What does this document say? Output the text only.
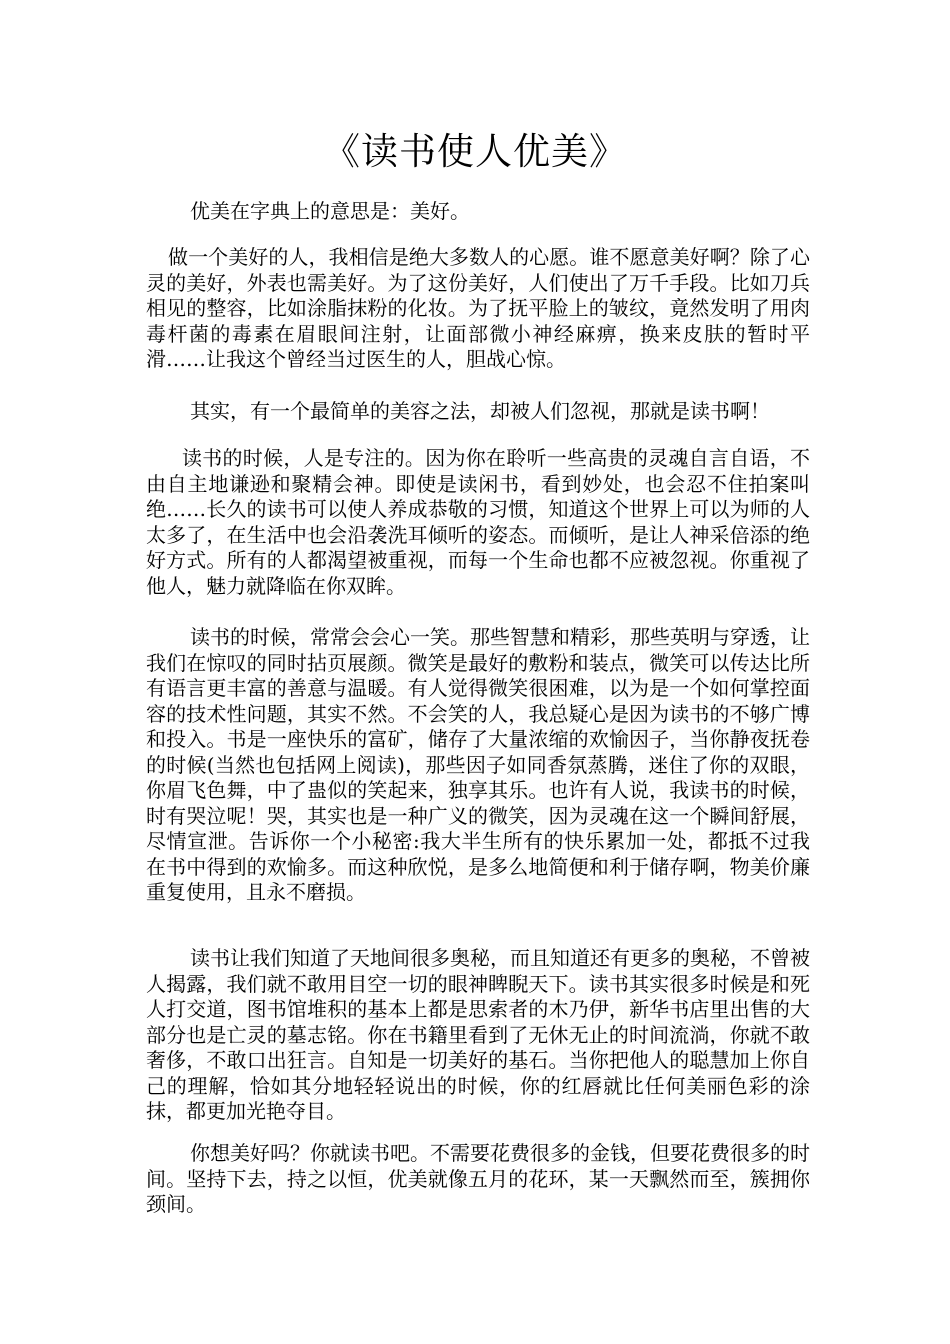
《读书使人优美》

优美在字典上的意思是：美好。

做一个美好的人，我相信是绝大多数人的心愿。谁不愿意美好啊？除了心灵的美好，外表也需美好。为了这份美好，人们使出了万千手段。比如刀兵相见的整容，比如涂脂抹粉的化妆。为了抚平脸上的皱纹，竟然发明了用肉毒杆菌的毒素在眉眼间注射，让面部微小神经麻痹，换来皮肤的暂时平滑……让我这个曾经当过医生的人，胆战心惊。

其实，有一个最简单的美容之法，却被人们忽视，那就是读书啊！

读书的时候，人是专注的。因为你在聆听一些高贵的灵魂自言自语，不由自主地谦逊和聚精会神。即使是读闲书，看到妙处，也会忍不住拍案叫绝……长久的读书可以使人养成恭敬的习惯，知道这个世界上可以为师的人太多了，在生活中也会沿袭洗耳倾听的姿态。而倾听，是让人神采倍添的绝好方式。所有的人都渴望被重视，而每一个生命也都不应被忽视。你重视了他人，魅力就降临在你双眸。

读书的时候，常常会会心一笑。那些智慧和精彩，那些英明与穿透，让我们在惊叹的同时拈页展颜。微笑是最好的敷粉和装点，微笑可以传达比所有语言更丰富的善意与温暖。有人觉得微笑很困难，以为是一个如何掌控面容的技术性问题，其实不然。不会笑的人，我总疑心是因为读书的不够广博和投入。书是一座快乐的富矿，储存了大量浓缩的欢愉因子，当你静夜抚卷的时候(当然也包括网上阅读)，那些因子如同香氛蒸腾，迷住了你的双眼，你眉飞色舞，中了蛊似的笑起来，独享其乐。也许有人说，我读书的时候，时有哭泣呢！哭，其实也是一种广义的微笑，因为灵魂在这一个瞬间舒展，尽情宣泄。告诉你一个小秘密:我大半生所有的快乐累加一处，都抵不过我在书中得到的欢愉多。而这种欣悦，是多么地简便和利于储存啊，物美价廉重复使用，且永不磨损。

读书让我们知道了天地间很多奥秘，而且知道还有更多的奥秘，不曾被人揭露，我们就不敢用目空一切的眼神睥睨天下。读书其实很多时候是和死人打交道，图书馆堆积的基本上都是思索者的木乃伊，新华书店里出售的大部分也是亡灵的墓志铭。你在书籍里看到了无休无止的时间流淌，你就不敢奢侈，不敢口出狂言。自知是一切美好的基石。当你把他人的聪慧加上你自己的理解，恰如其分地轻轻说出的时候，你的红唇就比任何美丽色彩的涂抹，都更加光艳夺目。

你想美好吗？你就读书吧。不需要花费很多的金钱，但要花费很多的时间。坚持下去，持之以恒，优美就像五月的花环，某一天飘然而至，簇拥你颈间。
